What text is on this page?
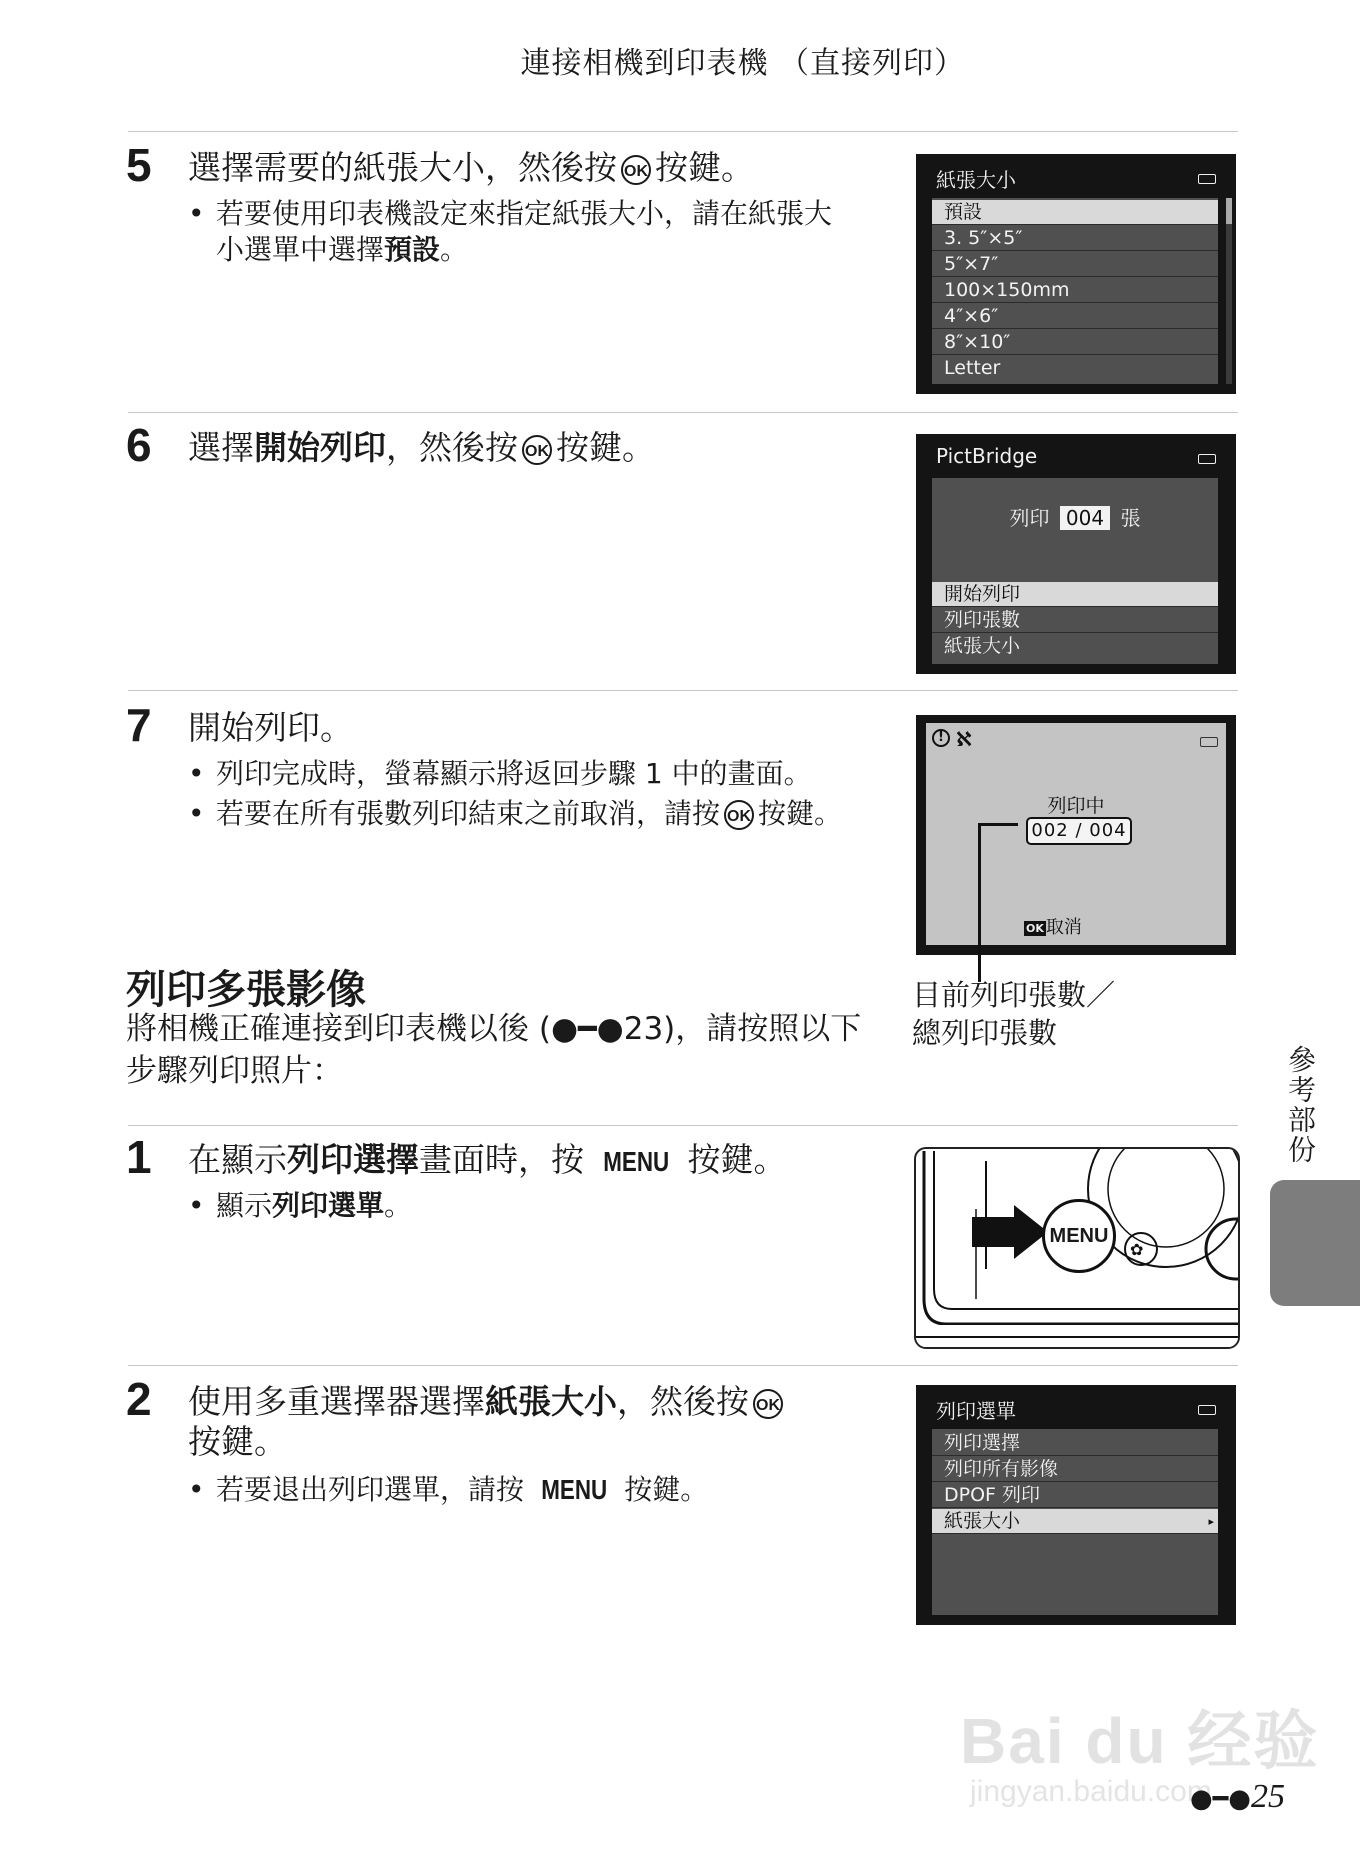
連接相機到印表機 （直接列印）
5 選擇需要的紙張大小，然後按 OK 按鍵。
• 若要使用印表機設定來指定紙張大小，請在紙張大
小選單中選擇預設。
紙張大小
預設
3. 5″×5″
5″×7″
100×150mm
4″×6″
8″×10″
Letter
6 選擇開始列印，然後按 OK 按鍵。	PictBridge
列印 004 張
開始列印
列印張數
紙張大小
7 開始列印。
• 列印完成時，螢幕顯示將返回步驟 1 中的畫面。
• 若要在所有張數列印結束之前取消，請按 OK 按鍵。
! ℵ
列印中
002 / 004
OK 取消
目前列印張數／
總列印張數
列印多張影像
將相機正確連接到印表機以後 (●━●23)，請按照以下
步驟列印照片：
1 在顯示列印選擇畫面時，按 MENU 按鍵。
• 顯示列印選單。
✿
MENU
2 使用多重選擇器選擇紙張大小，然後按 OK
按鍵。
• 若要退出列印選單，請按 MENU 按鍵。
列印選單
列印選擇
列印所有影像
DPOF 列印
紙張大小	▸
參考部份
Bai du 经验
jingyan.baidu.com
●━●25
